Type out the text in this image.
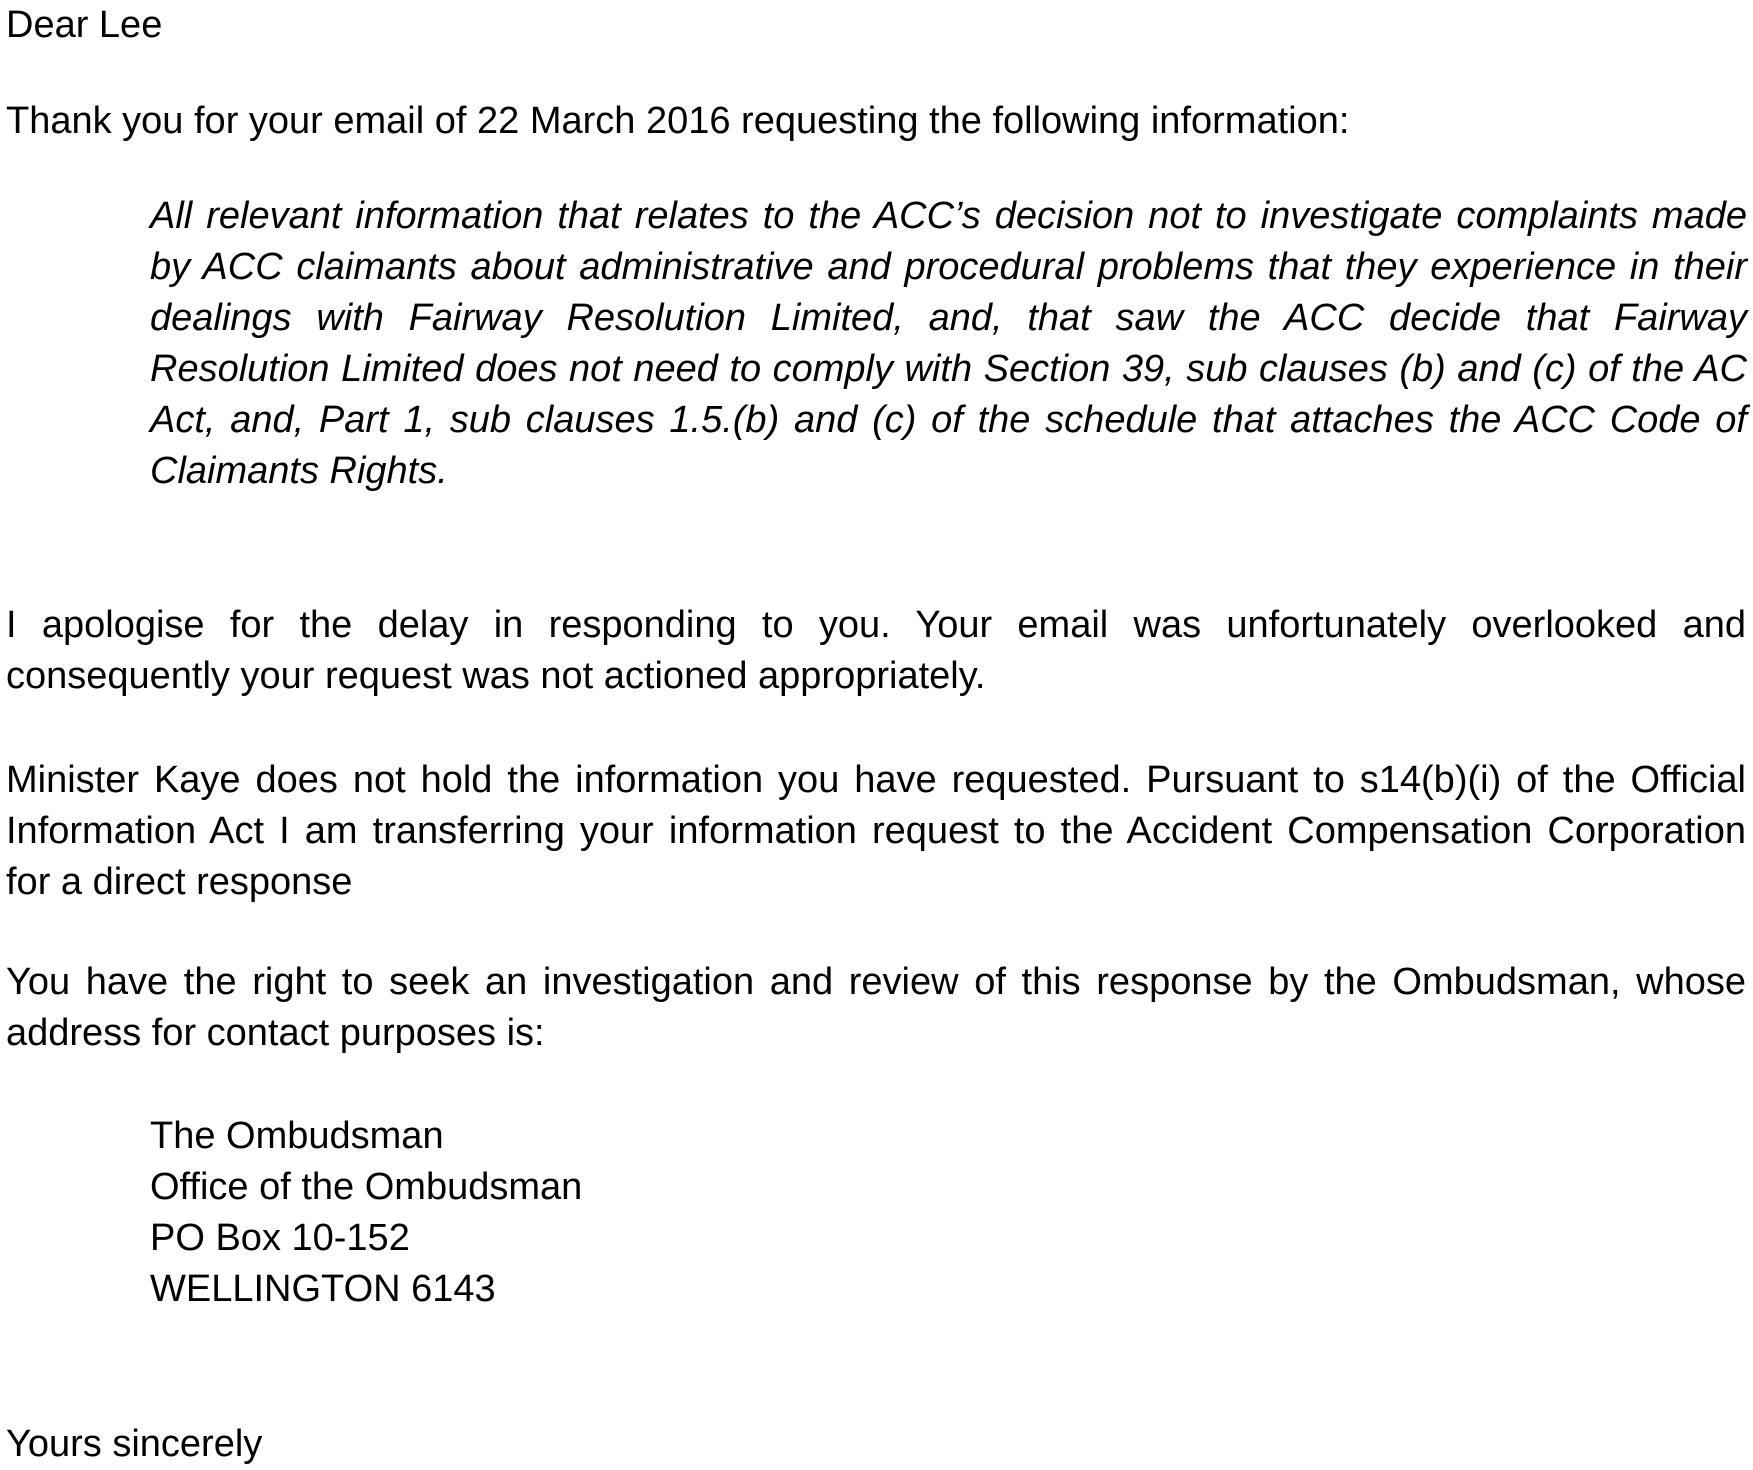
Dear Lee

Thank you for your email of 22 March 2016 requesting the following information:

All relevant information that relates to the ACC’s decision not to investigate complaints made by ACC claimants about administrative and procedural problems that they experience in their dealings with Fairway Resolution Limited, and, that saw the ACC decide that Fairway Resolution Limited does not need to comply with Section 39, sub clauses (b) and (c) of the AC Act, and, Part 1, sub clauses 1.5.(b) and (c) of the schedule that attaches the ACC Code of Claimants Rights.

I apologise for the delay in responding to you. Your email was unfortunately overlooked and consequently your request was not actioned appropriately.

Minister Kaye does not hold the information you have requested. Pursuant to s14(b)(i) of the Official Information Act I am transferring your information request to the Accident Compensation Corporation for a direct response

You have the right to seek an investigation and review of this response by the Ombudsman, whose address for contact purposes is:

The Ombudsman
Office of the Ombudsman
PO Box 10-152
WELLINGTON 6143

Yours sincerely
